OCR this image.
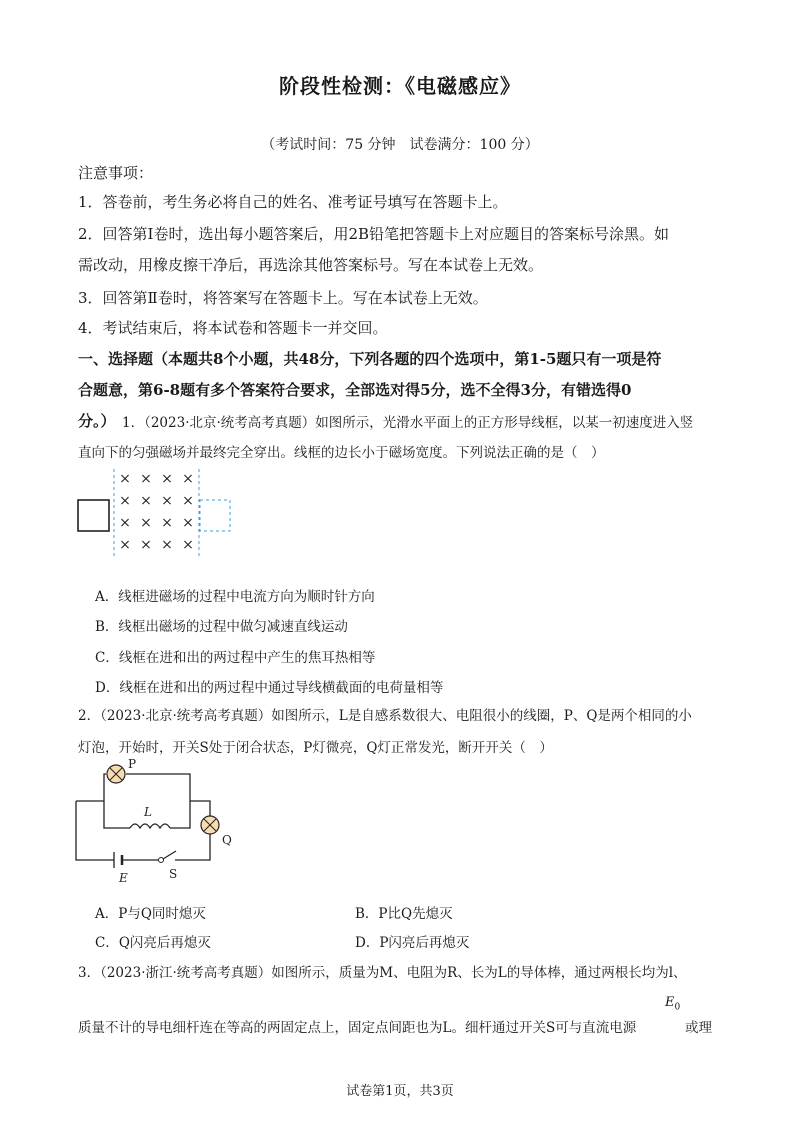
阶段性检测：《电磁感应》
（考试时间：75 分钟　试卷满分：100 分）
注意事项：
1．答卷前，考生务必将自己的姓名、准考证号填写在答题卡上。
2．回答第Ⅰ卷时，选出每小题答案后，用2B铅笔把答题卡上对应题目的答案标号涂黑。如
需改动，用橡皮擦干净后，再选涂其他答案标号。写在本试卷上无效。
3．回答第Ⅱ卷时，将答案写在答题卡上。写在本试卷上无效。
4．考试结束后，将本试卷和答题卡一并交回。
一、选择题（本题共8个小题，共48分，下列各题的四个选项中，第1-5题只有一项是符
合题意，第6-8题有多个答案符合要求，全部选对得5分，选不全得3分，有错选得0
分。） 1．（2023·北京·统考高考真题）如图所示，光滑水平面上的正方形导线框，以某一初速度进入竖
直向下的匀强磁场并最终完全穿出。线框的边长小于磁场宽度。下列说法正确的是（　）
× × × ×
× × × ×
× × × ×
× × × ×
A．线框进磁场的过程中电流方向为顺时针方向
B．线框出磁场的过程中做匀减速直线运动
C．线框在进和出的两过程中产生的焦耳热相等
D．线框在进和出的两过程中通过导线横截面的电荷量相等
2．（2023·北京·统考高考真题）如图所示，L是自感系数很大、电阻很小的线圈，P、Q是两个相同的小
灯泡，开始时，开关S处于闭合状态，P灯微亮，Q灯正常发光，断开开关（　）
P
L
Q
E	S
A．P与Q同时熄灭	B．P比Q先熄灭
C．Q闪亮后再熄灭	D．P闪亮后再熄灭
3．（2023·浙江·统考高考真题）如图所示，质量为M、电阻为R、长为L的导体棒，通过两根长均为l、
质量不计的导电细杆连在等高的两固定点上，固定点间距也为L。细杆通过开关S可与直流电源
$E_0$
或理
试卷第1页，共3页
